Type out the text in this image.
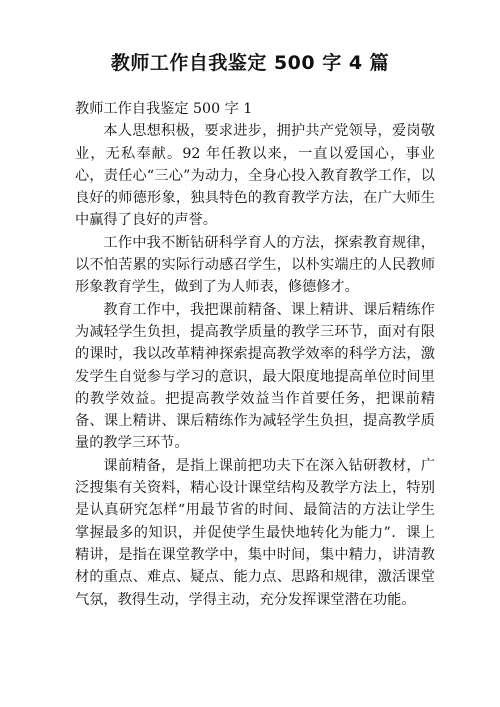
教师工作自我鉴定 500 字 4 篇

教师工作自我鉴定 500 字 1

本人思想积极，要求进步，拥护共产党领导，爱岗敬业，无私奉献。92 年任教以来，一直以爱国心，事业心，责任心“三心”为动力，全身心投入教育教学工作，以良好的师德形象，独具特色的教育教学方法，在广大师生中赢得了良好的声誉。

工作中我不断钻研科学育人的方法，探索教育规律，以不怕苦累的实际行动感召学生，以朴实端庄的人民教师形象教育学生，做到了为人师表，修德修才。

教育工作中，我把课前精备、课上精讲、课后精练作为减轻学生负担，提高教学质量的教学三环节，面对有限的课时，我以改革精神探索提高教学效率的科学方法，激发学生自觉参与学习的意识，最大限度地提高单位时间里的教学效益。把提高教学效益当作首要任务，把课前精备、课上精讲、课后精练作为减轻学生负担，提高教学质量的教学三环节。

课前精备，是指上课前把功夫下在深入钻研教材，广泛搜集有关资料，精心设计课堂结构及教学方法上，特别是认真研究怎样“用最节省的时间、最简洁的方法让学生掌握最多的知识，并促使学生最快地转化为能力”．课上精讲，是指在课堂教学中，集中时间，集中精力，讲清教材的重点、难点、疑点、能力点、思路和规律，激活课堂气氛，教得生动，学得主动，充分发挥课堂潜在功能。
